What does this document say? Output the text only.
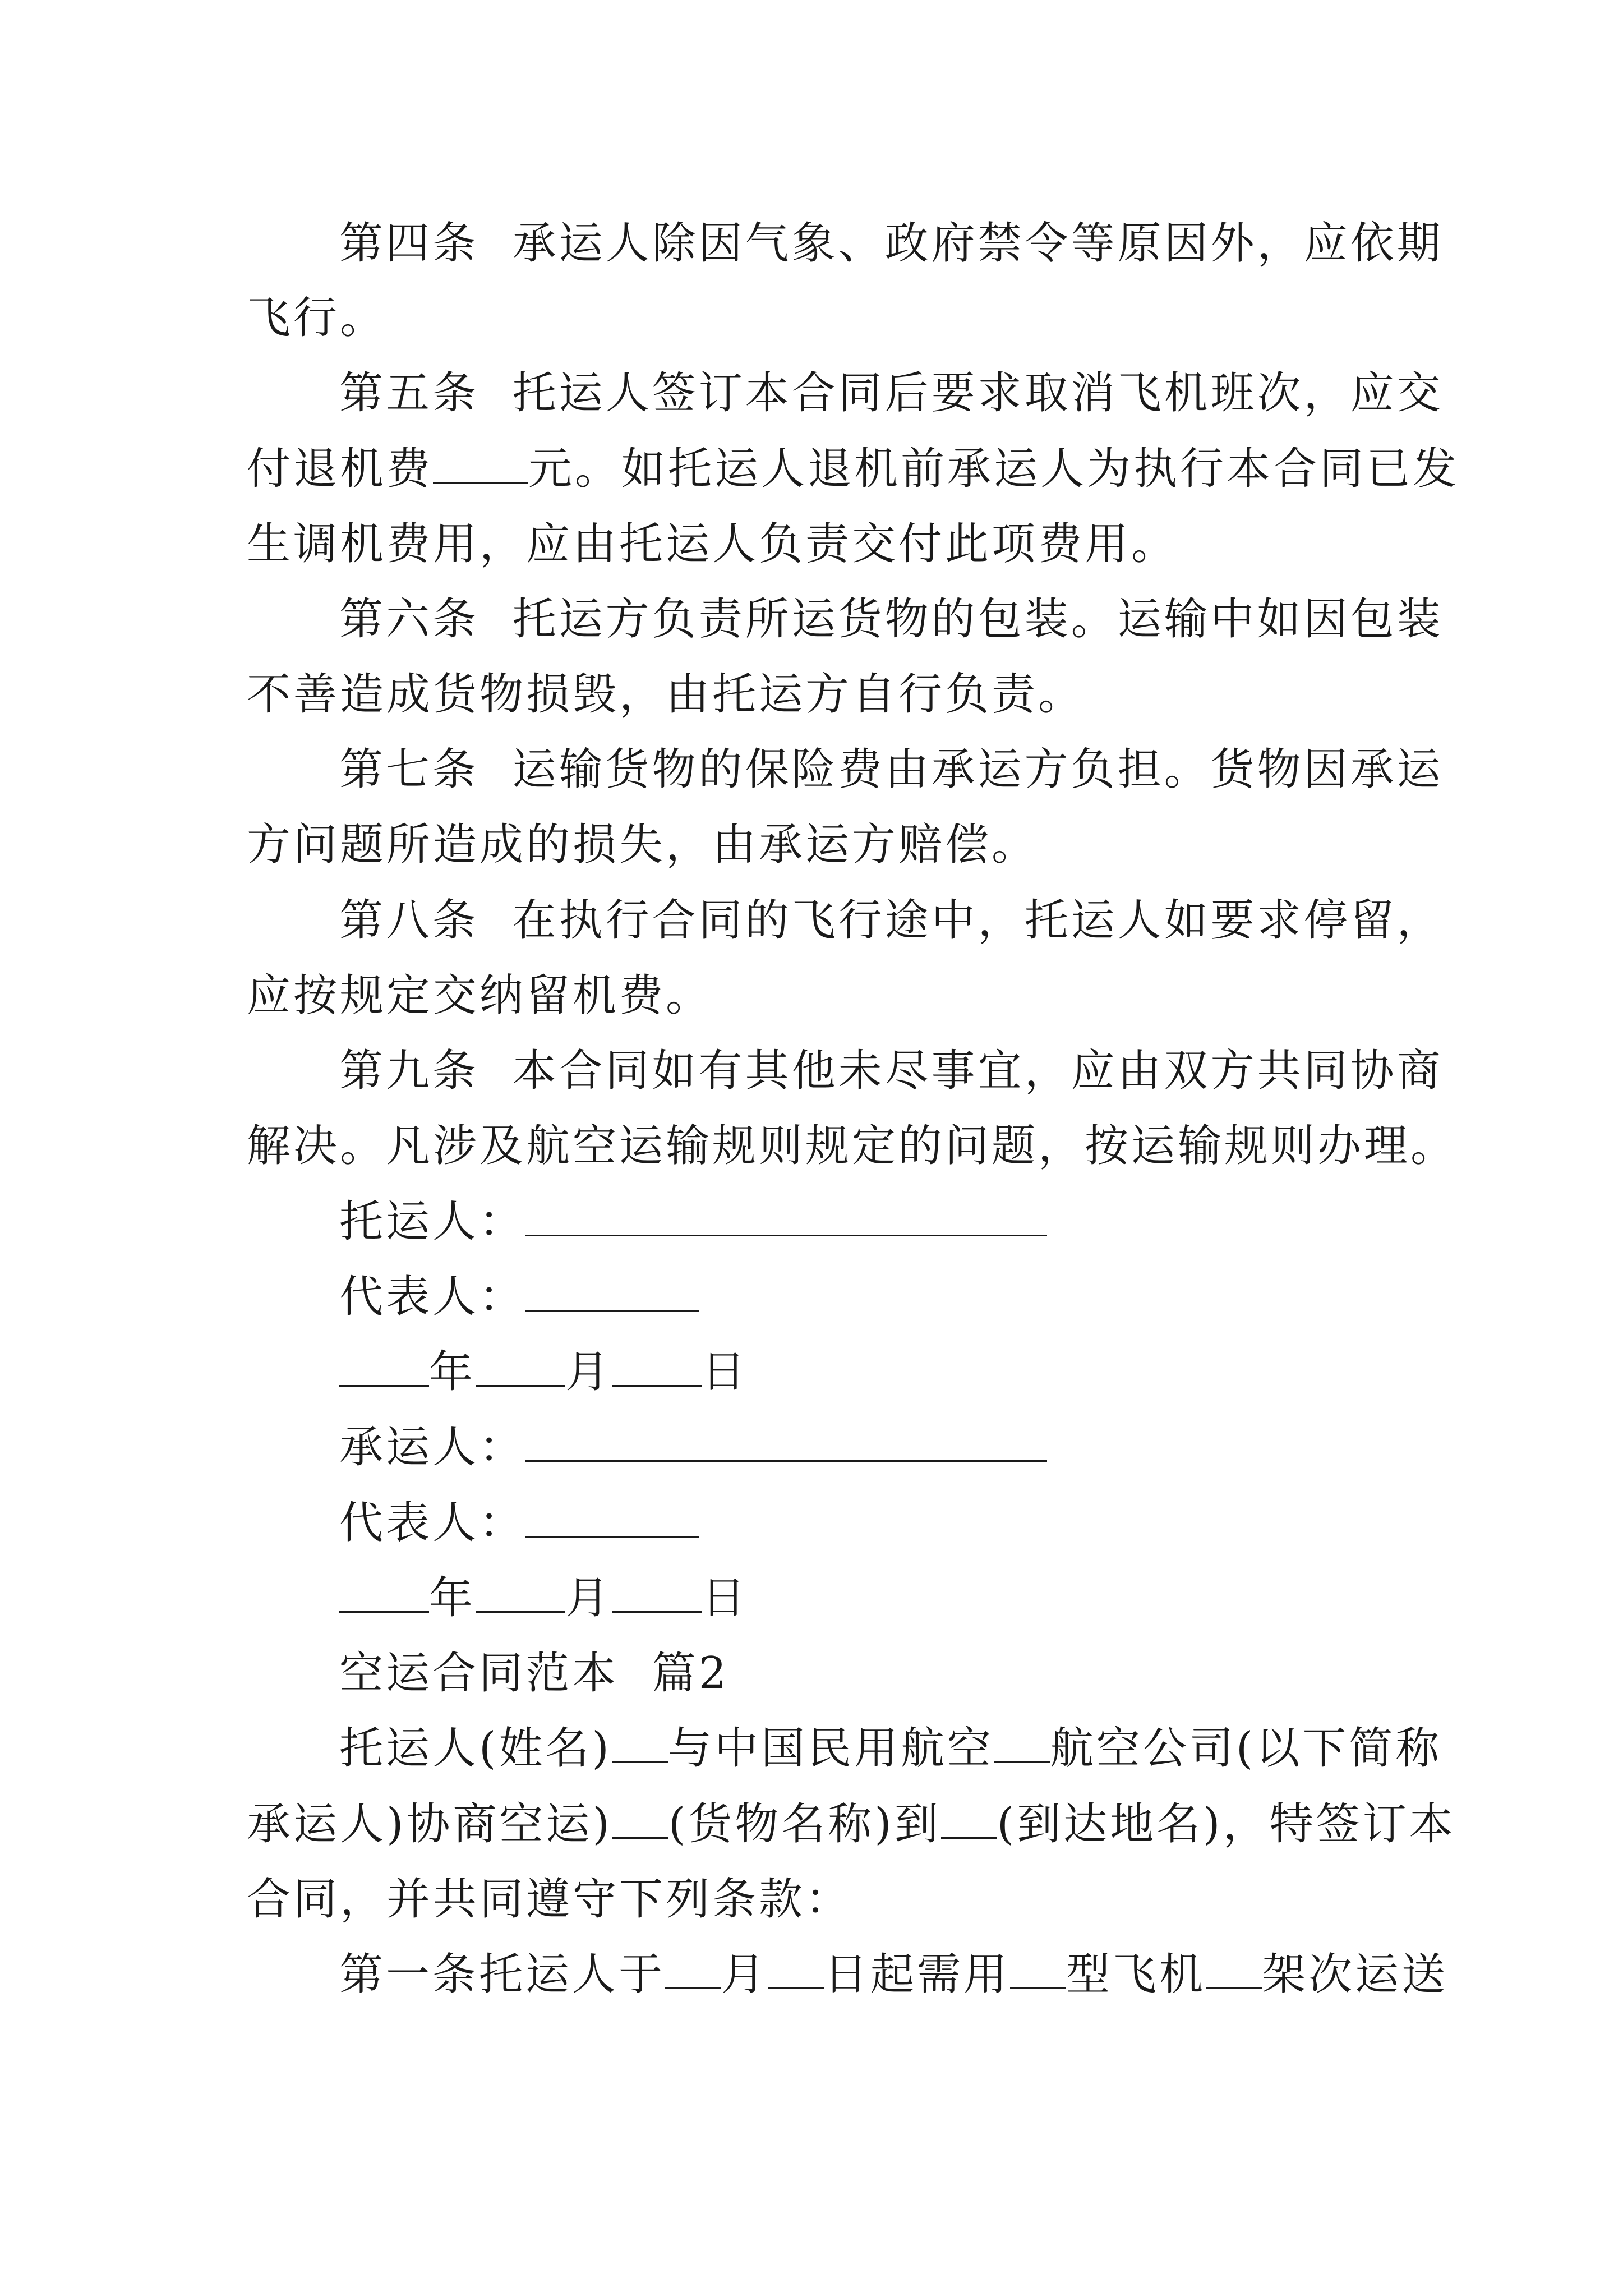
第四条  承运人除因气象、政府禁令等原因外，应依期
飞行。
第五条  托运人签订本合同后要求取消飞机班次，应交
付退机费 元。如托运人退机前承运人为执行本合同已发
生调机费用，应由托运人负责交付此项费用。
第六条  托运方负责所运货物的包装。运输中如因包装
不善造成货物损毁，由托运方自行负责。
第七条  运输货物的保险费由承运方负担。货物因承运
方问题所造成的损失，由承运方赔偿。
第八条  在执行合同的飞行途中，托运人如要求停留，
应按规定交纳留机费。
第九条  本合同如有其他未尽事宜，应由双方共同协商
解决。凡涉及航空运输规则规定的问题，按运输规则办理。
托运人：
代表人：
年 月 日
承运人：
代表人：
年 月 日
空运合同范本  篇2
托运人(姓名) 与中国民用航空 航空公司(以下简称
承运人)协商空运) (货物名称)到 (到达地名)，特签订本
合同，并共同遵守下列条款：
第一条托运人于 月 日起需用 型飞机 架次运送
